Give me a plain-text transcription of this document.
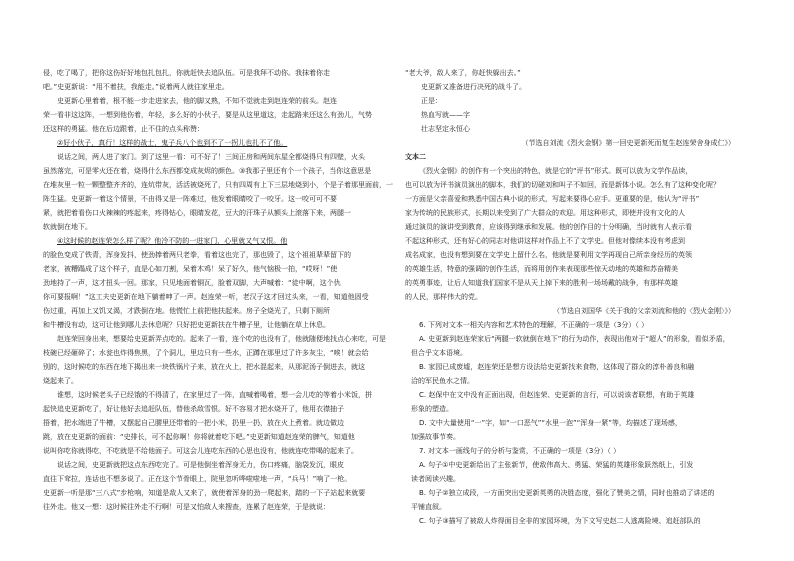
侵，吃了喝了，把你这伤好好地包扎包扎，你就赶快去追队伍。可是我拜不动你。我抹着你走

吧。”史更新说：“用不着扶，我能走。”说着两人就往家里走。

史更新心里着着，根不能一步走进家去，他的脚又熟，不知不觉就走到赵连荣的前头。赵连

荣一看非这这阵，一想到他伤着，年轻，多么好的小伙子，要是从这里道这，走起路来还这么有劲儿，气势

还这样的勇猛。他在后边跟着，止不住的点头称赞：

②好小伙子，真行！这样的战士，鬼子兵八个也到不了一拐儿也扎不了他。

说话之间，两人进了家门。到了这里一看：可不好了！三间正房和两间东屋全都烧得只有四壁，火头

虽然落完，可是零火还在着，烧得什么东西都变成灰烬的颜色。③我那子里还有个一个孩子，当你这意思是

在堆灰里一粒一颗整整齐齐的，连炕带灰，活活被烧死了，只有四周有上下三层地烧到小，个是子着那里面前，一

阵生猛。史更新一着这个情景，不由得又是一阵难过，他发着眼睛咬了一咬牙。这一咬可可不要

紧，就把着看伤口火辣辣的疼起来，疼得钻心，眼睛发花，豆大的汗珠子从额头上滚落下来，两腿一

软就倒在地下。

④这时候的赵连荣怎么样了呢？他冷不防的一进家门，心里就又气又恨。他

的脸色变成了铁青，浑身发抖，使劲捧着两只老拳，看着这也完了，那也毁了，这个祖祖辈辈留下的

老家，被糟蹋成了这个样子，直是心如刀割，呆着木鸡！呆了好久，他气恼极一拍，“哎呀！”使

劲地持了一声，这才扭头一回。那家，只见地面着铜瓦，脸着双脚，大声喊着：“徒中啊，这个仇

你可要报啊！”这工夫史更新在地下躺着呻了一声。赵连荣一听，老汉子这才回过头来，一看，知道他固受

伤过重，再加上又饥又渴，才跌倒在地。他慌忙上前把他扶起来。房子全烧光了，只剩下厕所

和牛槽没有动，这可让他到哪儿去休息呢？只好把史更新扶在牛槽子里，让他躺在草上休息。

赵连荣回身出来，想要给史更新弄点吃的。起来了一看，连个吃的也没有了，他就随便地找点心来吃，可是

枝碗已经砸碎了；水瓮也炸得焦黑，了个洞儿，里边只有一些水，正蹲在那里过了许多灰尘，“唉！就会给

别的，这时候吃的东西在地下揭出来一块铁锅片子来，放在火上，把水混起来，从那泥汤子倒进去，就这

烧起来了。

谁想，这时候老头子已经饿的不得清了，在家里过了一阵，直喊着喝着，想一会儿吃的等着小米饭，拼

起快追史更新吃了，好让他好去追赶队伍，替他杀敌雪恨。好不容易才把水烧开了，他用衣襟抽子

捂着，把水端进了牛槽，又摆起自己腰里还带着的一把小米，扔里一扔，放在火上煮着。就边做边

跳，放在史更新的面前：“史排长，可不起你啊！你将就着吃下吧。”史更新知道赵连荣的脾气，知道他

说叫你吃你就得吃，不吃就是不给他面子。可这会儿连吃东西的心思也没有，他就连吃带喝的起来了。

说话之间，史更新就把这点东西吃完了。可是他倒坐着浑身无力，伤口疼痛，脑袋发沉，眼皮

直往下耷拉，连话也不想多说了。正在这个节骨眼上，院里忽听哗啦啦地一声，“兵马！”响了一枪。

史更新一听是那“三八式”步枪响，知道是敌人又来了，就使着浑身的劲一爬起来，踏的一下子站起来就要

往外走。他又一想：这时候往外走不行啊！可是又怕敌人来搜查，连累了赵连荣，于是就说：

“老大爷，敌人来了，你赶快躲出去。”

史更新又准备进行决死的战斗了。

正是：

热血写就——字

壮志坚定永恒心

（节选自刘流《烈火金钢》第一回史更新死而复生赵连荣舍身成仁》）

文本二

《烈火金钢》的创作有一个突出的特色，就是它的“评书”形式。既可以放为文学作品读，

也可以放为评书演员演出的脚本，我们的切磋刘和叫子不如回，而是新体小说。怎么有了这种变化呢？

一方面是父亲喜爱和熟悉中国古典小说的形式，写起来要得心应手。更重要的是，他认为“评书”

家为传统的民族形式，长期以来受到了广大群众的欢迎。用这种形式，即使并没有文化的人

通过演员的演讲受到教育，应该得到继承和发展。他的创作目的十分明确，当时就有人表示看

不起这种形式，还有好心的同志对他讲这样对作品上不了文学史。但他对像续本没有考虑到

成名成家，也没有想到要在文学史上留什么名，他就是要利用文学再现自己所亲身经历的英领

的英雄生活，特意的强调的创作生活，而将用创作来表现那些惊天动地的英雄和苏奋精美

的英勇事迹，让后人知道我们国家不是从天上掉下来的胜利一场场戴的战争，有那样英雄

的人民，那样伟大的党。

（节选自刘国华《关于我的父亲刘流和他的〈烈火金刚〉》）

6. 下列对文本一相关内容和艺术特色的理解，不正确的一项是（3分）（ ）

A. 史更新到赵连荣家后“两腿一软就倒在地下”的行为动作，表现出他对于“超人”的形象，看似矛盾，

但合乎文本语境。

B. 家园已成废墟，赵连荣还是想方设法给史更新找来食物，这体现了群众的淳朴善良和融

洽的军民鱼水之情。

C. 赵保中在文中没有正面出现，但赵连荣、史更新的言行，可以说该者联想，有助于英雄

形象的塑造。

D. 文中大量使用“一”字，如“一口恶气”“水里一泡”“浑身一紧”等，均描述了现场感，

加强故事节奏。

7. 对文本一画线句子的分析与鉴赏，不正确的一项是（3分）（ ）

A. 句子①中史更新给出了主张新节，使敌伟高大、勇猛、荣猛的英雄形象跃然纸上，引发

读者阅读兴趣。

B. 句子②独立成段，一方面突出史更新英勇的决胜态度，强化了赞美之情，同时也推动了讲述的

平铺直叙。

C. 句子③描写了被敌人炸得面目全非的家园环境，为下文写史赵二人逃离险境、追赶部队的
